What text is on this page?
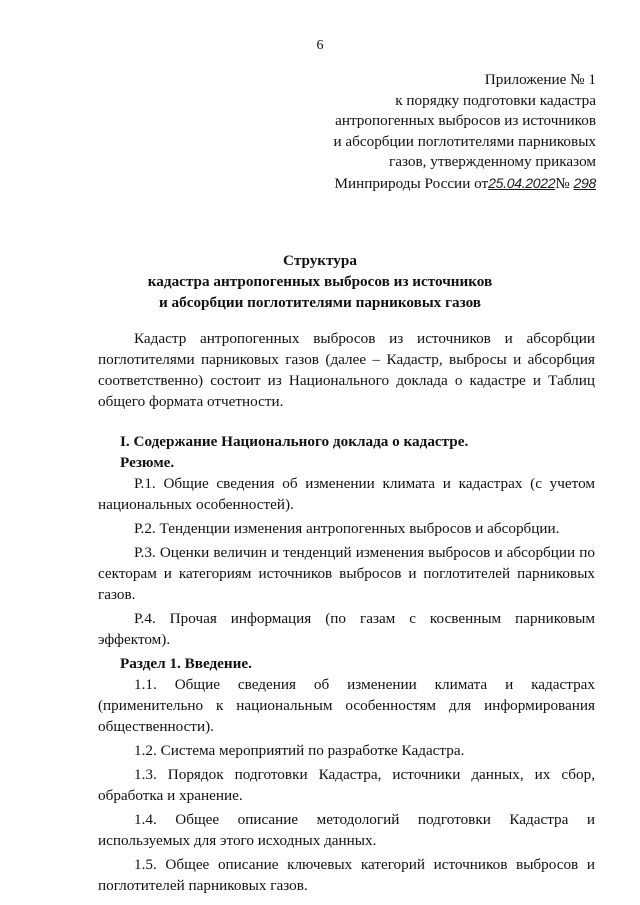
6
Приложение № 1
к порядку подготовки кадастра
антропогенных выбросов из источников
и абсорбции поглотителями парниковых
газов, утвержденному приказом
Минприроды России от25.04.2022№ 298
Структура
кадастра антропогенных выбросов из источников
и абсорбции поглотителями парниковых газов

Кадастр антропогенных выбросов из источников и абсорбции поглотителями парниковых газов (далее – Кадастр, выбросы и абсорбция соответственно) состоит из Национального доклада о кадастре и Таблиц общего формата отчетности.

I. Содержание Национального доклада о кадастре.

Резюме.

Р.1. Общие сведения об изменении климата и кадастрах (с учетом национальных особенностей).

Р.2. Тенденции изменения антропогенных выбросов и абсорбции.

Р.3. Оценки величин и тенденций изменения выбросов и абсорбции по секторам и категориям источников выбросов и поглотителей парниковых газов.

Р.4. Прочая информация (по газам с косвенным парниковым эффектом).

Раздел 1. Введение.

1.1. Общие сведения об изменении климата и кадастрах (применительно к национальным особенностям для информирования общественности).

1.2. Система мероприятий по разработке Кадастра.

1.3. Порядок подготовки Кадастра, источники данных, их сбор, обработка и хранение.

1.4. Общее описание методологий подготовки Кадастра и используемых для этого исходных данных.

1.5. Общее описание ключевых категорий источников выбросов и поглотителей парниковых газов.
